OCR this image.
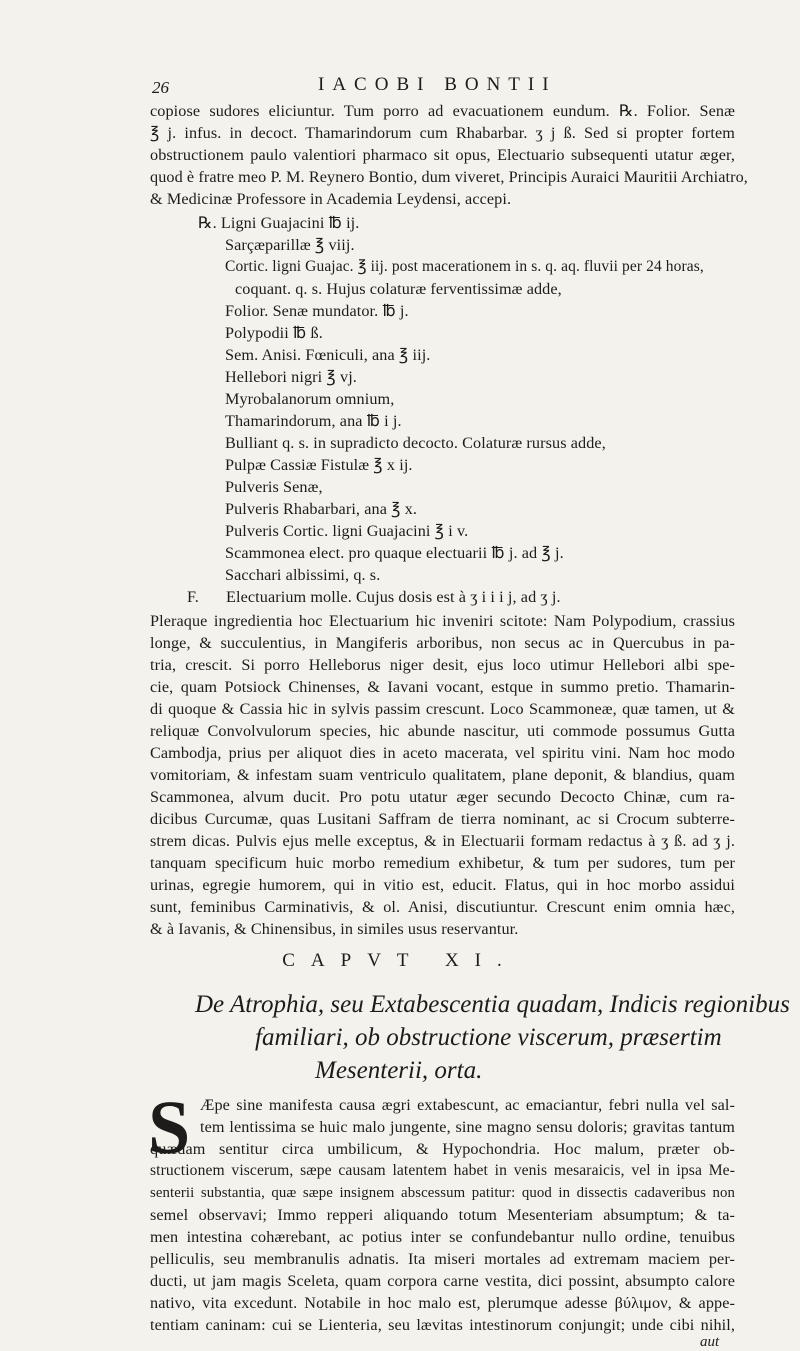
26	IACOBI BONTII
copiose sudores eliciuntur. Tum porro ad evacuationem eundum. ℞. Folior. Senæ
℥ j. infus. in decoct. Thamarindorum cum Rhabarbar. ʒ j ß. Sed si propter fortem
obstructionem paulo valentiori pharmaco sit opus, Electuario subsequenti utatur æger,
quod è fratre meo P. M. Reynero Bontio, dum viveret, Principis Auraici Mauritii Archiatro,
& Medicinæ Professore in Academia Leydensi, accepi.
℞. Ligni Guajacini ℔ ij.
Sarçæparillæ ℥ viij.
Cortic. ligni Guajac. ℥ iij. post macerationem in s. q. aq. fluvii per 24 horas,
coquant. q. s. Hujus colaturæ ferventissimæ adde,
Folior. Senæ mundator. ℔ j.
Polypodii ℔ ß.
Sem. Anisi. Fœniculi, ana ℥ iij.
Hellebori nigri ℥ vj.
Myrobalanorum omnium,
Thamarindorum, ana ℔ i j.
Bulliant q. s. in supradicto decocto. Colaturæ rursus adde,
Pulpæ Cassiæ Fistulæ ℥ x ij.
Pulveris Senæ,
Pulveris Rhabarbari, ana ℥ x.
Pulveris Cortic. ligni Guajacini ℥ i v.
Scammonea elect. pro quaque electuarii ℔ j. ad ℥ j.
Sacchari albissimi, q. s.
F. Electuarium molle. Cujus dosis est à ʒ i i i j, ad ʒ j.
Pleraque ingredientia hoc Electuarium hic inveniri scitote: Nam Polypodium, crassius
longe, & succulentius, in Mangiferis arboribus, non secus ac in Quercubus in pa-
tria, crescit. Si porro Helleborus niger desit, ejus loco utimur Hellebori albi spe-
cie, quam Potsiock Chinenses, & Iavani vocant, estque in summo pretio. Thamarin-
di quoque & Cassia hic in sylvis passim crescunt. Loco Scammoneæ, quæ tamen, ut &
reliquæ Convolvulorum species, hic abunde nascitur, uti commode possumus Gutta
Cambodja, prius per aliquot dies in aceto macerata, vel spiritu vini. Nam hoc modo
vomitoriam, & infestam suam ventriculo qualitatem, plane deponit, & blandius, quam
Scammonea, alvum ducit. Pro potu utatur æger secundo Decocto Chinæ, cum ra-
dicibus Curcumæ, quas Lusitani Saffram de tierra nominant, ac si Crocum subterre-
strem dicas. Pulvis ejus melle exceptus, & in Electuarii formam redactus à ʒ ß. ad ʒ j.
tanquam specificum huic morbo remedium exhibetur, & tum per sudores, tum per
urinas, egregie humorem, qui in vitio est, educit. Flatus, qui in hoc morbo assidui
sunt, feminibus Carminativis, & ol. Anisi, discutiuntur. Crescunt enim omnia hæc,
& à Iavanis, & Chinensibus, in similes usus reservantur.
CAPVT XI.
De Atrophia, seu Extabescentia quadam, Indicis regionibus
familiari, ob obstructione viscerum, præsertim
Mesenterii, orta.
S Æpe sine manifesta causa ægri extabescunt, ac emaciantur, febri nulla vel sal-
tem lentissima se huic malo jungente, sine magno sensu doloris; gravitas tantum
quædam sentitur circa umbilicum, & Hypochondria. Hoc malum, præter ob-
structionem viscerum, sæpe causam latentem habet in venis mesaraicis, vel in ipsa Me-
senterii substantia, quæ sæpe insignem abscessum patitur: quod in dissectis cadaveribus non
semel observavi; Immo repperi aliquando totum Mesenteriam absumptum; & ta-
men intestina cohærebant, ac potius inter se confundebantur nullo ordine, tenuibus
pelliculis, seu membranulis adnatis. Ita miseri mortales ad extremam maciem per-
ducti, ut jam magis Sceleta, quam corpora carne vestita, dici possint, absumpto calore
nativo, vita excedunt. Notabile in hoc malo est, plerumque adesse βύλιμον, & appe-
tentiam caninam: cui se Lienteria, seu lævitas intestinorum conjungit; unde cibi nihil,
aut
